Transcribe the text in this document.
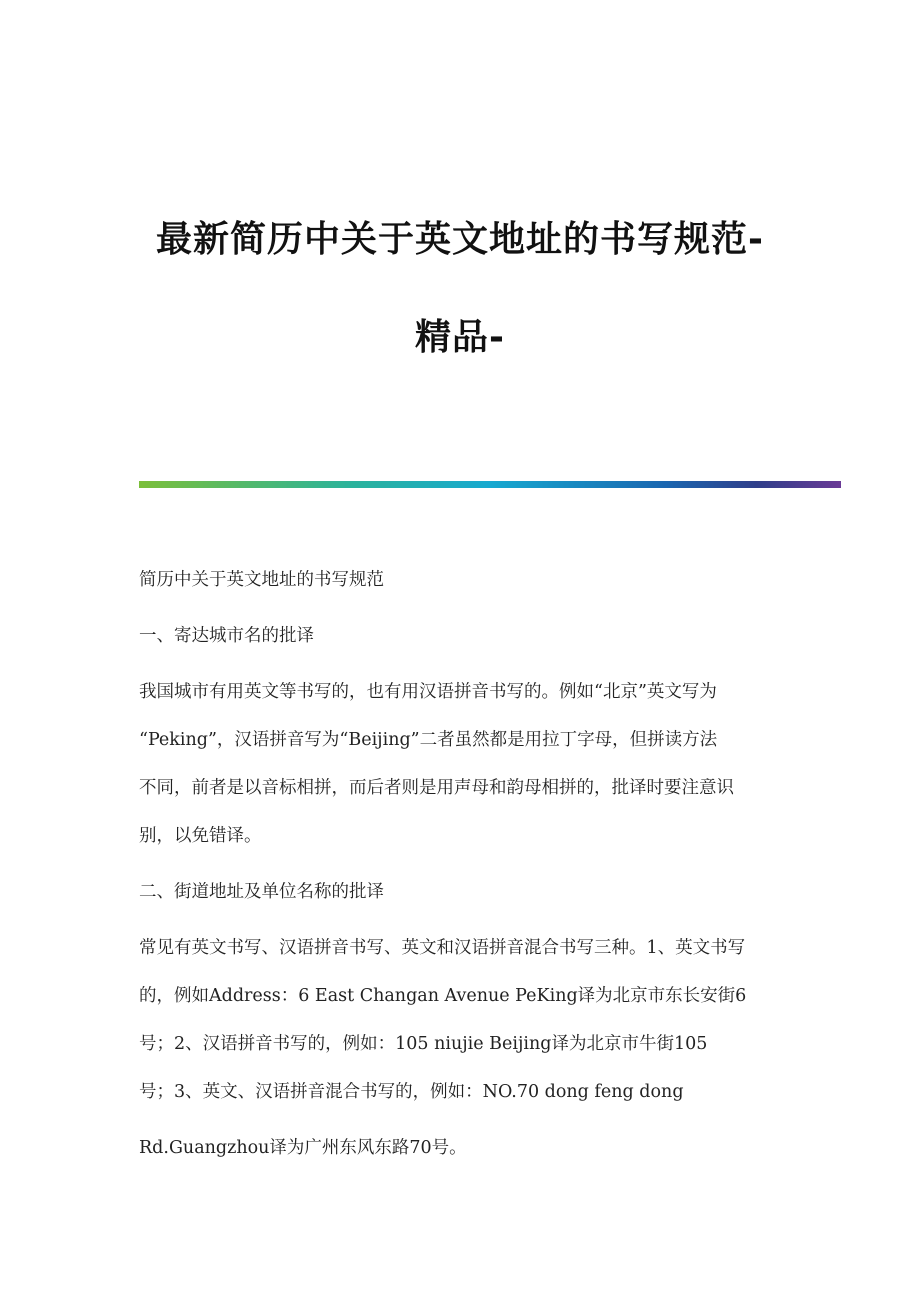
最新简历中关于英文地址的书写规范-
精品-
简历中关于英文地址的书写规范
一、寄达城市名的批译
我国城市有用英文等书写的，也有用汉语拼音书写的。例如“北京”英文写为
“Peking”，汉语拼音写为“Beijing”二者虽然都是用拉丁字母，但拼读方法
不同，前者是以音标相拼，而后者则是用声母和韵母相拼的，批译时要注意识
别，以免错译。
二、街道地址及单位名称的批译
常见有英文书写、汉语拼音书写、英文和汉语拼音混合书写三种。1、英文书写
的，例如Address：6 East Changan Avenue PeKing译为北京市东长安街6
号；2、汉语拼音书写的，例如：105 niujie Beijing译为北京市牛街105
号；3、英文、汉语拼音混合书写的，例如：NO.70 dong feng dong
Rd.Guangzhou译为广州东风东路70号。
